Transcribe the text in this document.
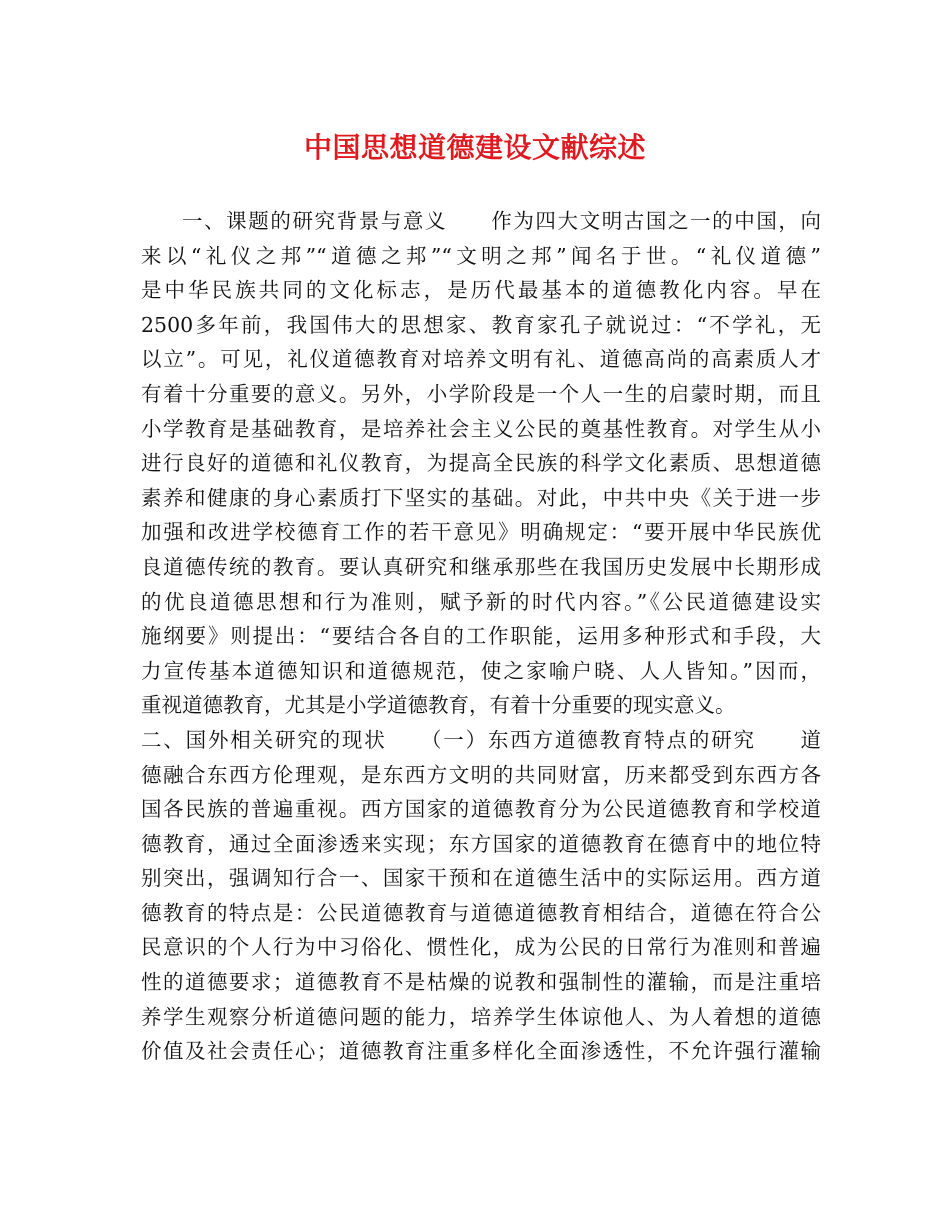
中国思想道德建设文献综述
一、课题的研究背景与意义　　作为四大文明古国之一的中国，向
来以“礼仪之邦”“道德之邦”“文明之邦”闻名于世。“礼仪道德”
是中华民族共同的文化标志，是历代最基本的道德教化内容。早在
2500多年前，我国伟大的思想家、教育家孔子就说过：“不学礼，无
以立”。可见，礼仪道德教育对培养文明有礼、道德高尚的高素质人才
有着十分重要的意义。另外，小学阶段是一个人一生的启蒙时期，而且
小学教育是基础教育，是培养社会主义公民的奠基性教育。对学生从小
进行良好的道德和礼仪教育，为提高全民族的科学文化素质、思想道德
素养和健康的身心素质打下坚实的基础。对此，中共中央《关于进一步
加强和改进学校德育工作的若干意见》明确规定：“要开展中华民族优
良道德传统的教育。要认真研究和继承那些在我国历史发展中长期形成
的优良道德思想和行为准则，赋予新的时代内容。”《公民道德建设实
施纲要》则提出：“要结合各自的工作职能，运用多种形式和手段，大
力宣传基本道德知识和道德规范，使之家喻户晓、人人皆知。”因而，
重视道德教育，尤其是小学道德教育，有着十分重要的现实意义。
二、国外相关研究的现状　　（一）东西方道德教育特点的研究　　道
德融合东西方伦理观，是东西方文明的共同财富，历来都受到东西方各
国各民族的普遍重视。西方国家的道德教育分为公民道德教育和学校道
德教育，通过全面渗透来实现；东方国家的道德教育在德育中的地位特
别突出，强调知行合一、国家干预和在道德生活中的实际运用。西方道
德教育的特点是：公民道德教育与道德道德教育相结合，道德在符合公
民意识的个人行为中习俗化、惯性化，成为公民的日常行为准则和普遍
性的道德要求；道德教育不是枯燥的说教和强制性的灌输，而是注重培
养学生观察分析道德问题的能力，培养学生体谅他人、为人着想的道德
价值及社会责任心；道德教育注重多样化全面渗透性，不允许强行灌输
